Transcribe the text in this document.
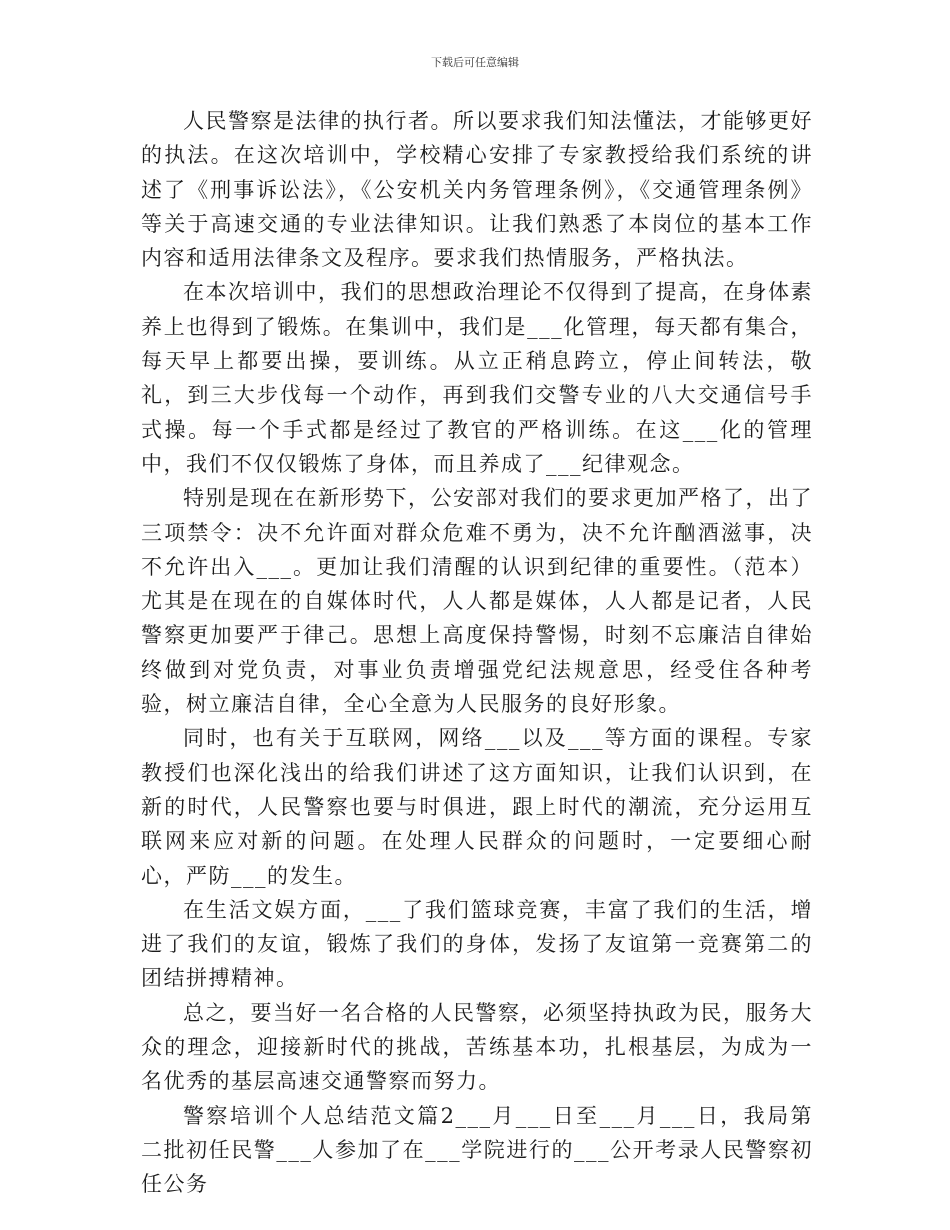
下载后可任意编辑

人民警察是法律的执行者。所以要求我们知法懂法，才能够更好的执法。在这次培训中，学校精心安排了专家教授给我们系统的讲述了《刑事诉讼法》，《公安机关内务管理条例》，《交通管理条例》等关于高速交通的专业法律知识。让我们熟悉了本岗位的基本工作内容和适用法律条文及程序。要求我们热情服务，严格执法。

在本次培训中，我们的思想政治理论不仅得到了提高，在身体素养上也得到了锻炼。在集训中，我们是___化管理，每天都有集合，每天早上都要出操，要训练。从立正稍息跨立，停止间转法，敬礼，到三大步伐每一个动作，再到我们交警专业的八大交通信号手式操。每一个手式都是经过了教官的严格训练。在这___化的管理中，我们不仅仅锻炼了身体，而且养成了___纪律观念。

特别是现在在新形势下，公安部对我们的要求更加严格了，出了三项禁令：决不允许面对群众危难不勇为，决不允许酗酒滋事，决不允许出入___。更加让我们清醒的认识到纪律的重要性。（范本）尤其是在现在的自媒体时代，人人都是媒体，人人都是记者，人民警察更加要严于律己。思想上高度保持警惕，时刻不忘廉洁自律始终做到对党负责，对事业负责增强党纪法规意思，经受住各种考验，树立廉洁自律，全心全意为人民服务的良好形象。

同时，也有关于互联网，网络___以及___等方面的课程。专家教授们也深化浅出的给我们讲述了这方面知识，让我们认识到，在新的时代，人民警察也要与时俱进，跟上时代的潮流，充分运用互联网来应对新的问题。在处理人民群众的问题时，一定要细心耐心，严防___的发生。

在生活文娱方面，___了我们篮球竞赛，丰富了我们的生活，增进了我们的友谊，锻炼了我们的身体，发扬了友谊第一竞赛第二的团结拼搏精神。

总之，要当好一名合格的人民警察，必须坚持执政为民，服务大众的理念，迎接新时代的挑战，苦练基本功，扎根基层，为成为一名优秀的基层高速交通警察而努力。

警察培训个人总结范文篇2___月___日至___月___日，我局第二批初任民警___人参加了在___学院进行的___公开考录人民警察初任公务
